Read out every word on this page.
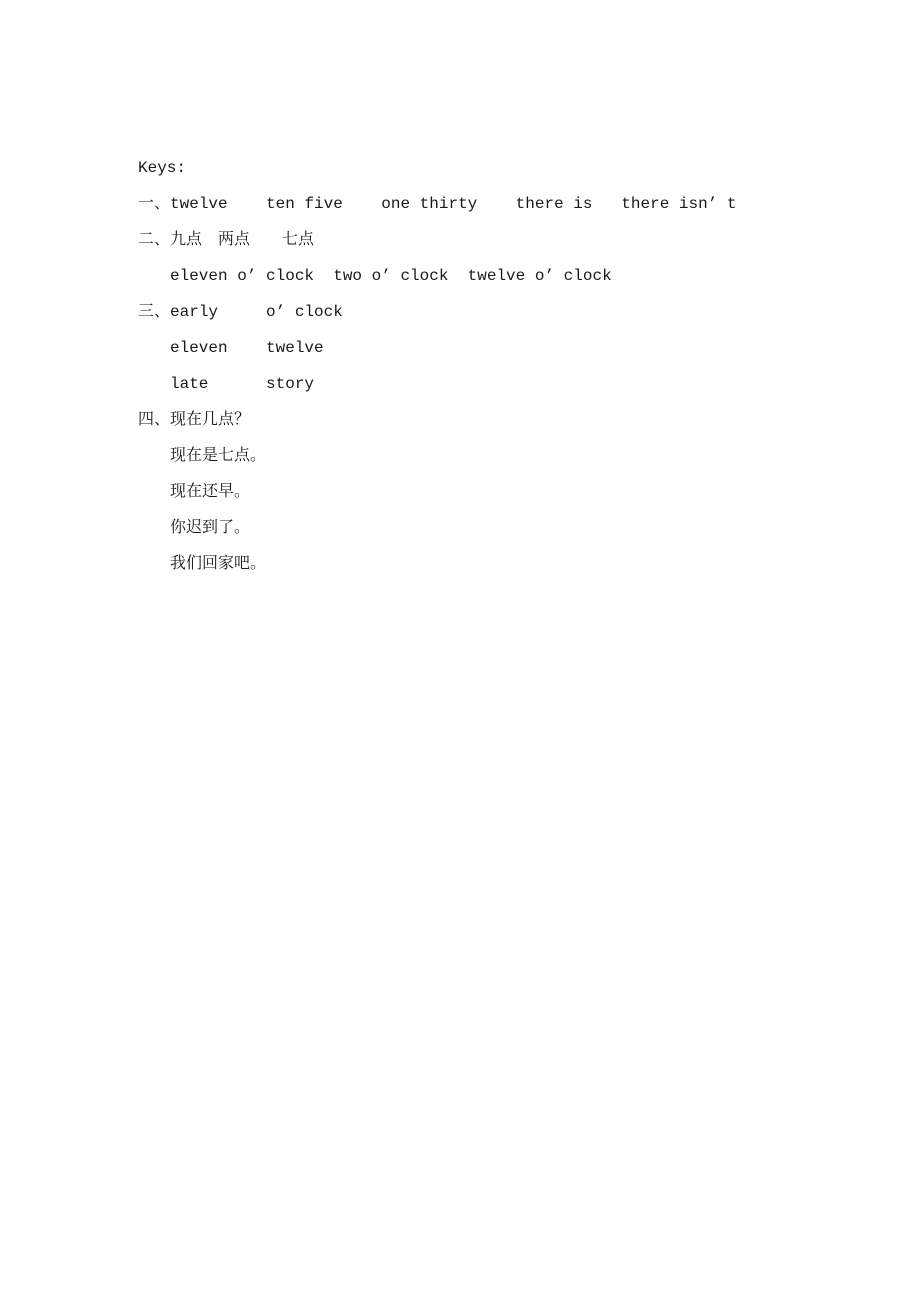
Keys:
一、twelve    ten five    one thirty    there is   there isn’ t
二、九点　两点　　七点
eleven o’ clock  two o’ clock  twelve o’ clock
三、early     o’ clock
eleven    twelve
late      story
四、现在几点？
现在是七点。
现在还早。
你迟到了。
我们回家吧。
